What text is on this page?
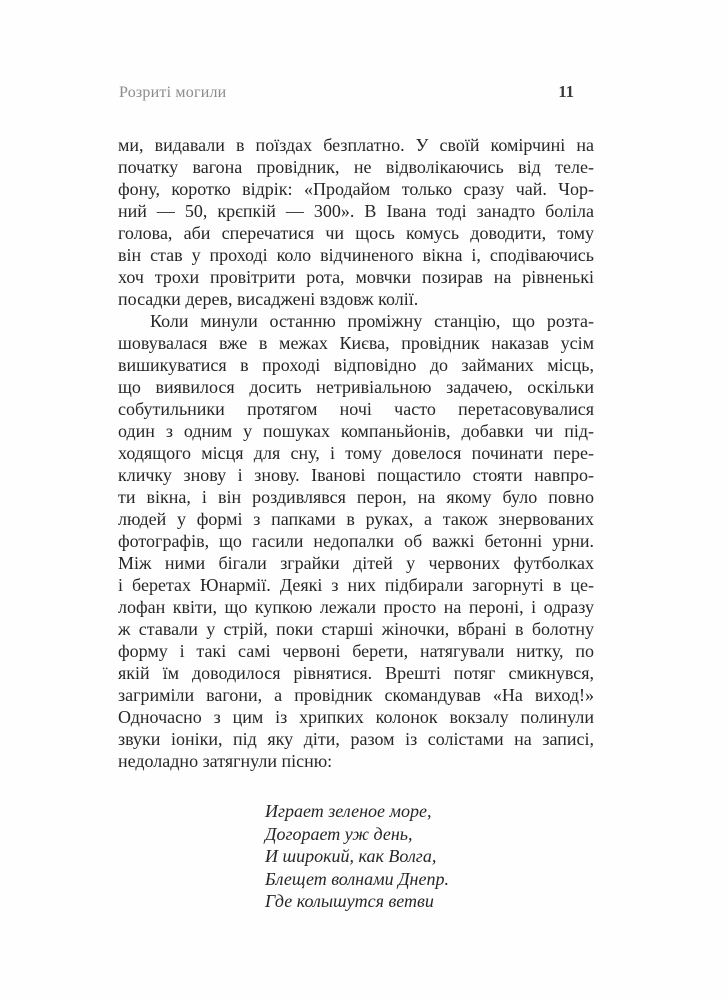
Розриті могили	11
ми, видавали в поїздах безплатно. У своїй комірчині на
початку вагона провідник, не відволікаючись від теле-
фону, коротко відрік: «Продайом только сразу чай. Чор-
ний — 50, крєпкій — 300». В Івана тоді занадто боліла
голова, аби сперечатися чи щось комусь доводити, тому
він став у проході коло відчиненого вікна і, сподіваючись
хоч трохи провітрити рота, мовчки позирав на рівненькі
посадки дерев, висаджені вздовж колії.
Коли минули останню проміжну станцію, що розта-
шовувалася вже в межах Києва, провідник наказав усім
вишикуватися в проході відповідно до займаних місць,
що виявилося досить нетривіальною задачею, оскільки
собутильники протягом ночі часто перетасовувалися
один з одним у пошуках компаньйонів, добавки чи під-
ходящого місця для сну, і тому довелося починати пере-
кличку знову і знову. Іванові пощастило стояти навпро-
ти вікна, і він роздивлявся перон, на якому було повно
людей у формі з папками в руках, а також знервованих
фотографів, що гасили недопалки об важкі бетонні урни.
Між ними бігали зграйки дітей у червоних футболках
і беретах Юнармії. Деякі з них підбирали загорнуті в це-
лофан квіти, що купкою лежали просто на пероні, і одразу
ж ставали у стрій, поки старші жіночки, вбрані в болотну
форму і такі самі червоні берети, натягували нитку, по
якій їм доводилося рівнятися. Врешті потяг смикнувся,
загриміли вагони, а провідник скомандував «На виход!»
Одночасно з цим із хрипких колонок вокзалу полинули
звуки іоніки, під яку діти, разом із солістами на записі,
недоладно затягнули пісню:
Играет зеленое море,
Догорает уж день,
И широкий, как Волга,
Блещет волнами Днепр.
Где колышутся ветви
